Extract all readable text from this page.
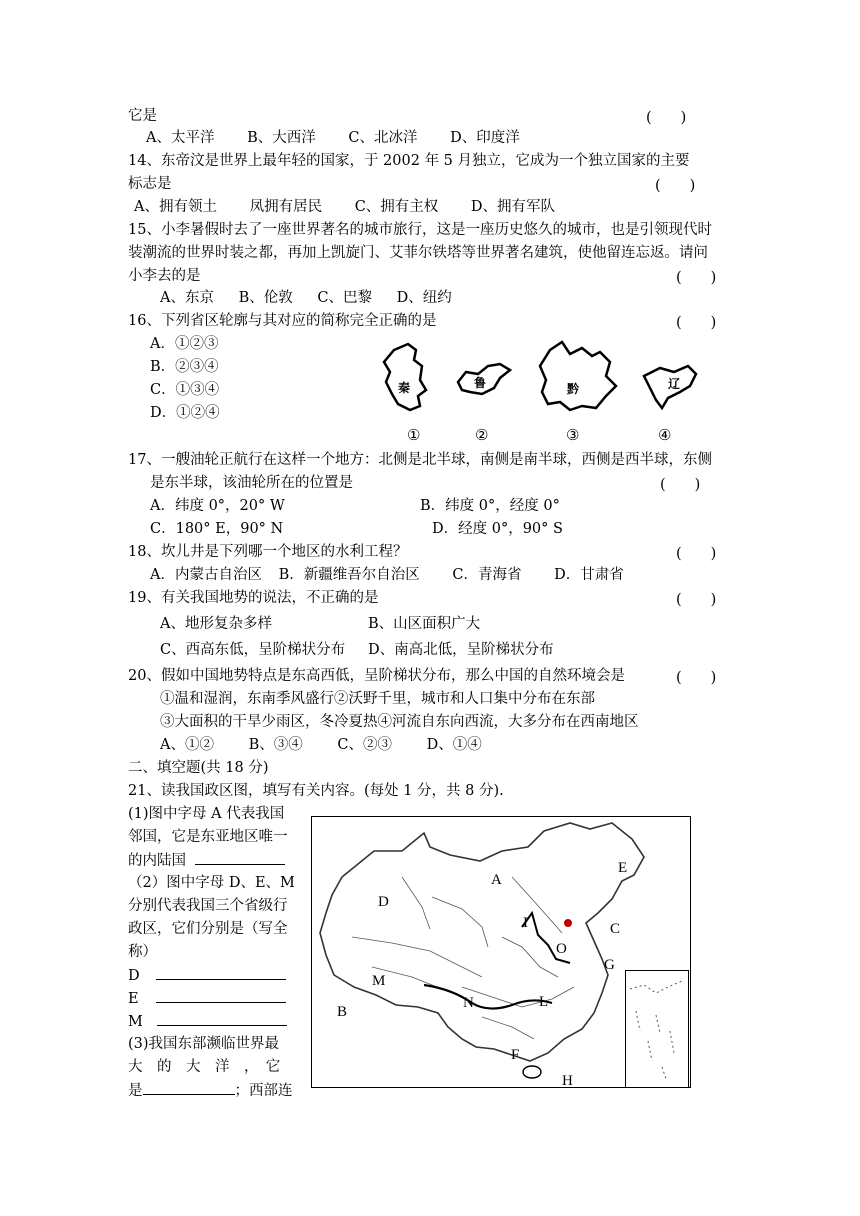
它是	(　　)
A、太平洋 B、大西洋 C、北冰洋 D、印度洋
14、东帝汶是世界上最年轻的国家，于 2002 年 5 月独立，它成为一个独立国家的主要
标志是	(　　)
A、拥有领土 凤拥有居民 C、拥有主权 D、拥有军队
15、小李暑假时去了一座世界著名的城市旅行，这是一座历史悠久的城市，也是引领现代时
装潮流的世界时装之都，再加上凯旋门、艾菲尔铁塔等世界著名建筑，使他留连忘返。请问
小李去的是	(　　)
A、东京 B、伦敦 C、巴黎 D、纽约
16、下列省区轮廓与其对应的简称完全正确的是	(　　)
A．①②③
B．②③④
C．①③④
D．①②④
秦	鲁	黔	辽
①	②	③	④
17、一艘油轮正航行在这样一个地方：北侧是北半球，南侧是南半球，西侧是西半球，东侧
是东半球，该油轮所在的位置是	(　　)
A．纬度 0°，20° W	B．纬度 0°，经度 0°
C．180° E，90° N	D．经度 0°，90° S
18、坎儿井是下列哪一个地区的水利工程？	(　　)
A．内蒙古自治区 B．新疆维吾尔自治区 C．青海省 D．甘肃省
19、有关我国地势的说法，不正确的是	(　　)
A、地形复杂多样	B、山区面积广大
C、西高东低，呈阶梯状分布 D、南高北低，呈阶梯状分布
20、假如中国地势特点是东高西低，呈阶梯状分布，那么中国的自然环境会是	(　　)
①温和湿润，东南季风盛行②沃野千里，城市和人口集中分布在东部
③大面积的干旱少雨区，冬冷夏热④河流自东向西流，大多分布在西南地区
A、①② B、③④ C、②③ D、①④
二、填空题(共 18 分)
21、读我国政区图，填写有关内容。(每处 1 分，共 8 分).
(1)图中字母 A 代表我国
邻国，它是东亚地区唯一
的内陆国
（2）图中字母 D、E、M
分别代表我国三个省级行
政区，它们分别是（写全
称）
D
E
M
(3)我国东部濒临世界最
大　的　大　洋　，　它
是	；西部连
A
B
C
D
E
F
G
H
I
L
M
N
O
